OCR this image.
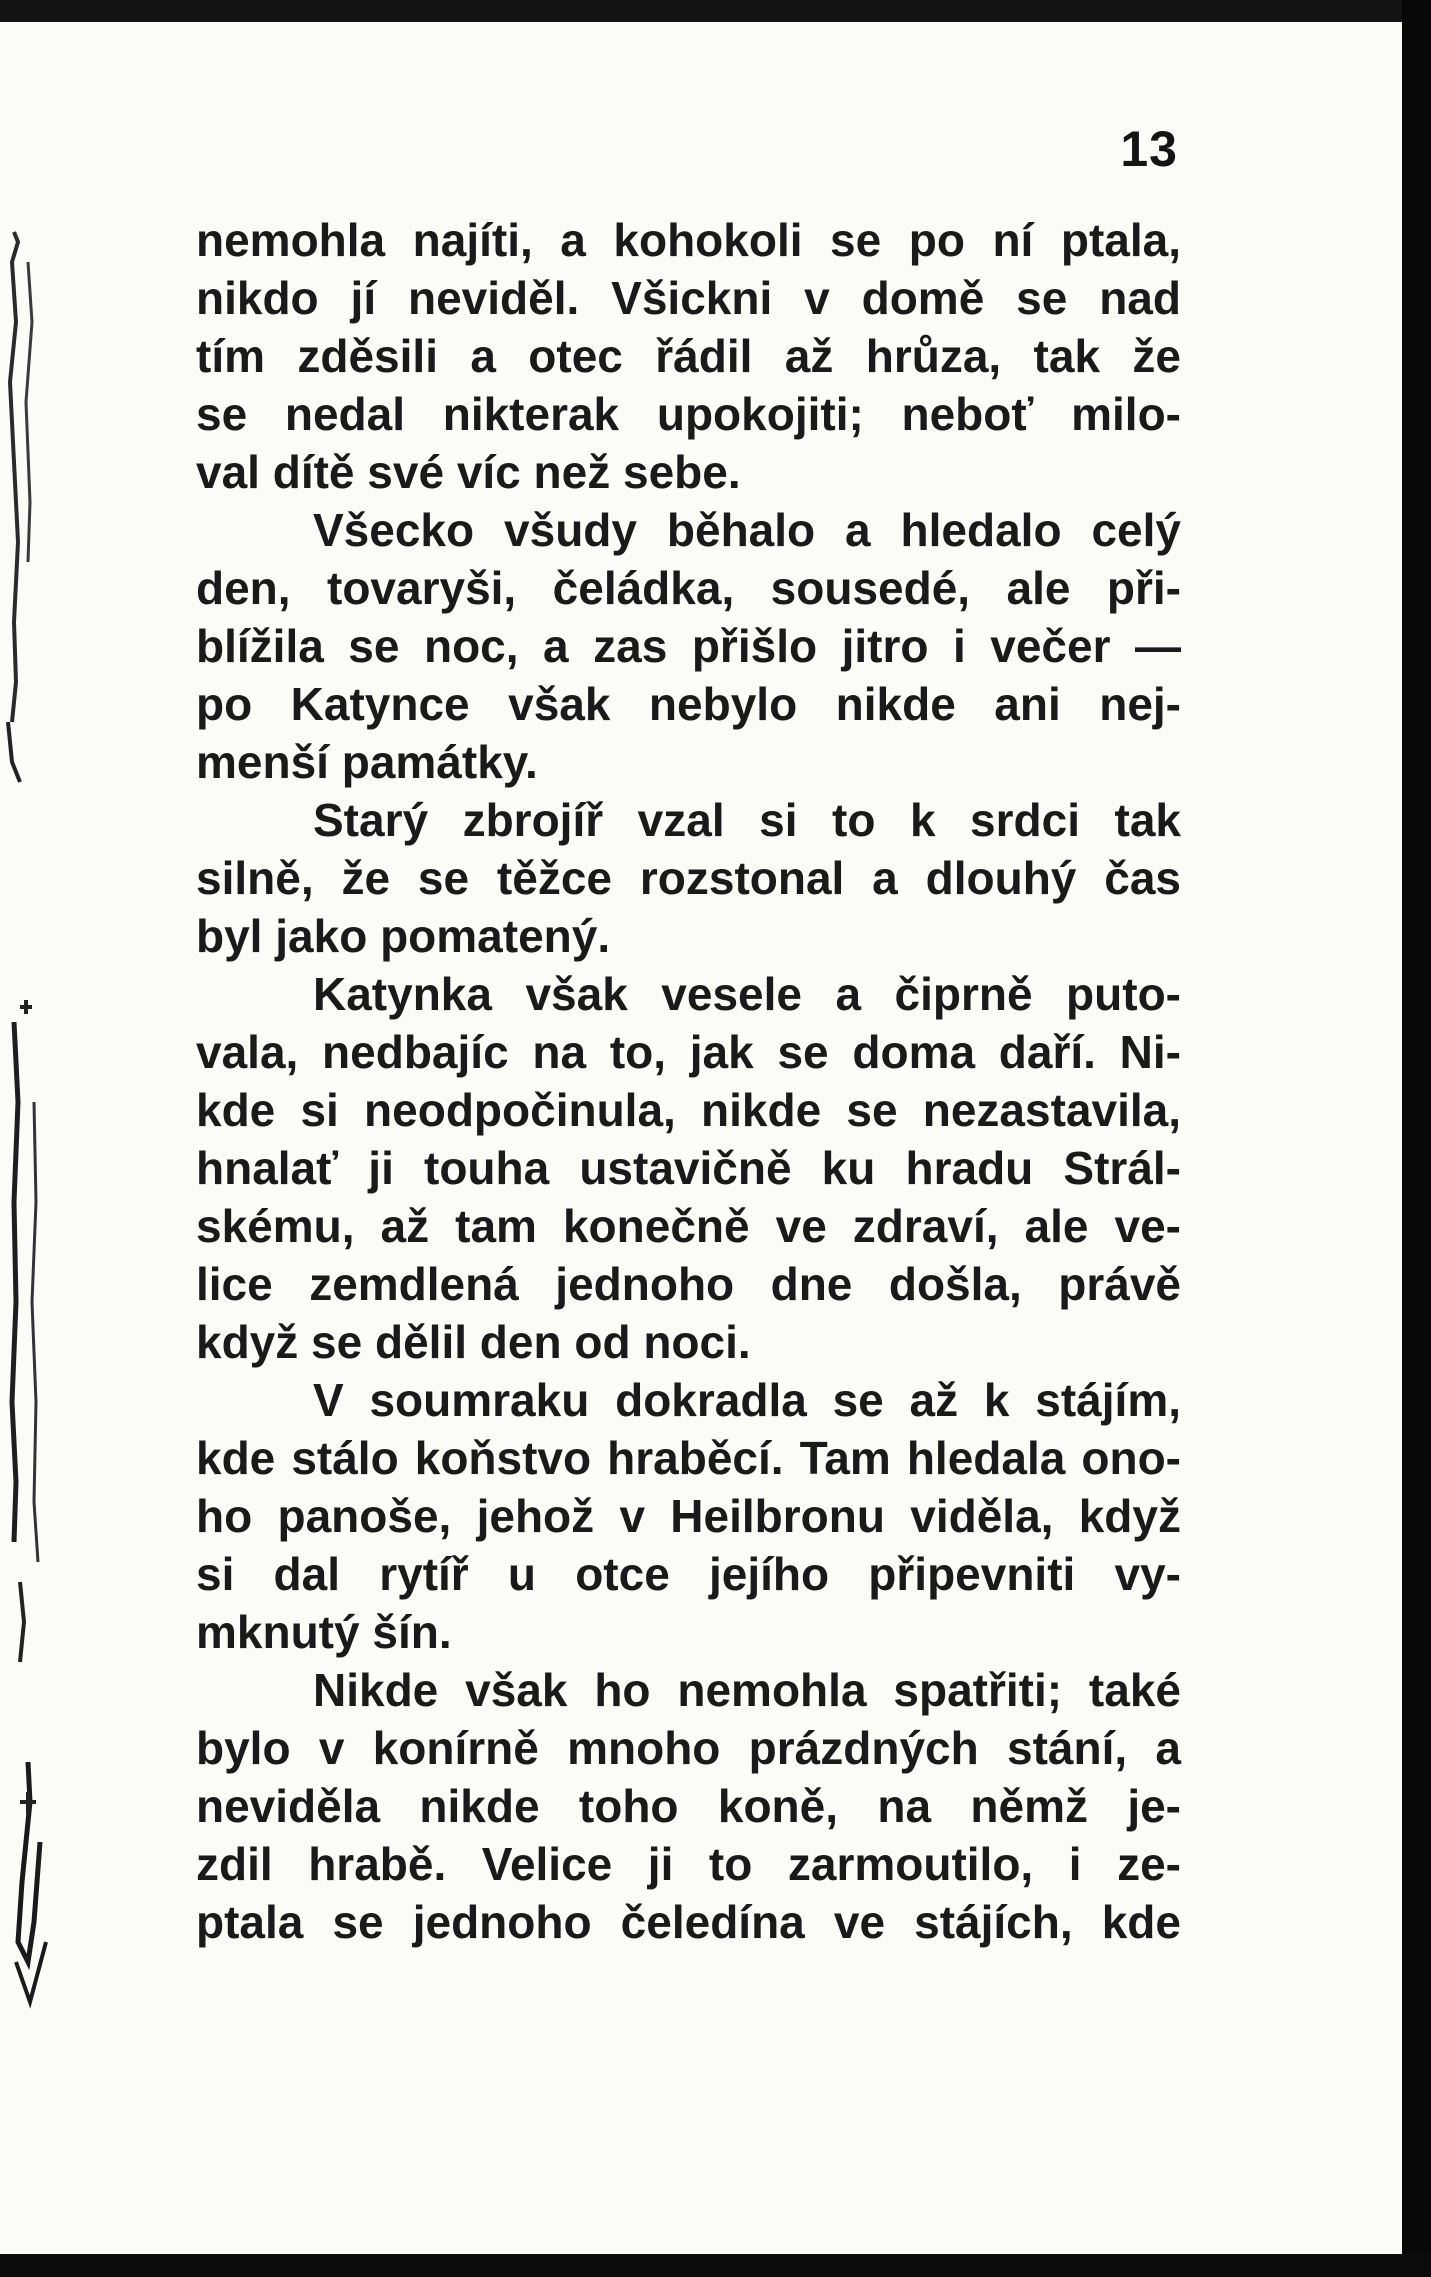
13
nemohla najíti, a kohokoli se po ní ptala,
nikdo jí neviděl. Všickni v domě se nad
tím zděsili a otec řádil až hrůza, tak že
se nedal nikterak upokojiti; neboť milo-
val dítě své víc než sebe.
Všecko všudy běhalo a hledalo celý
den, tovaryši, čeládka, sousedé, ale při-
blížila se noc, a zas přišlo jitro i večer —
po Katynce však nebylo nikde ani nej-
menší památky.
Starý zbrojíř vzal si to k srdci tak
silně, že se těžce rozstonal a dlouhý čas
byl jako pomatený.
Katynka však vesele a čiprně puto-
vala, nedbajíc na to, jak se doma daří. Ni-
kde si neodpočinula, nikde se nezastavila,
hnalať ji touha ustavičně ku hradu Strál-
skému, až tam konečně ve zdraví, ale ve-
lice zemdlená jednoho dne došla, právě
když se dělil den od noci.
V soumraku dokradla se až k stájím,
kde stálo koňstvo hraběcí. Tam hledala ono-
ho panoše, jehož v Heilbronu viděla, když
si dal rytíř u otce jejího připevniti vy-
mknutý šín.
Nikde však ho nemohla spatřiti; také
bylo v konírně mnoho prázdných stání, a
neviděla nikde toho koně, na němž je-
zdil hrabě. Velice ji to zarmoutilo, i ze-
ptala se jednoho čeledína ve stájích, kde
